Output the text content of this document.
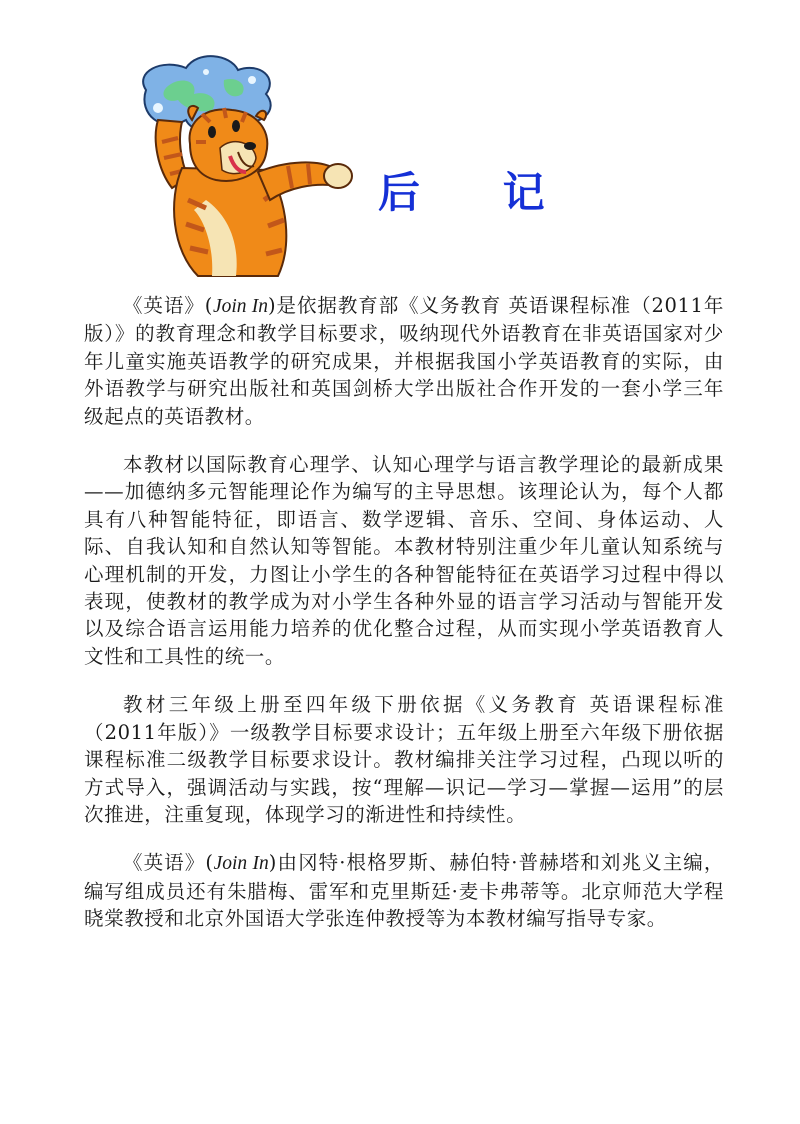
后 记

《英语》(Join In)是依据教育部《义务教育 英语课程标准（2011年版）》的教育理念和教学目标要求，吸纳现代外语教育在非英语国家对少年儿童实施英语教学的研究成果，并根据我国小学英语教育的实际，由外语教学与研究出版社和英国剑桥大学出版社合作开发的一套小学三年级起点的英语教材。

本教材以国际教育心理学、认知心理学与语言教学理论的最新成果——加德纳多元智能理论作为编写的主导思想。该理论认为，每个人都具有八种智能特征，即语言、数学逻辑、音乐、空间、身体运动、人际、自我认知和自然认知等智能。本教材特别注重少年儿童认知系统与心理机制的开发，力图让小学生的各种智能特征在英语学习过程中得以表现，使教材的教学成为对小学生各种外显的语言学习活动与智能开发以及综合语言运用能力培养的优化整合过程，从而实现小学英语教育人文性和工具性的统一。

教材三年级上册至四年级下册依据《义务教育 英语课程标准（2011年版）》一级教学目标要求设计；五年级上册至六年级下册依据课程标准二级教学目标要求设计。教材编排关注学习过程，凸现以听的方式导入，强调活动与实践，按“理解—识记—学习—掌握—运用”的层次推进，注重复现，体现学习的渐进性和持续性。

《英语》(Join In)由冈特·根格罗斯、赫伯特·普赫塔和刘兆义主编，编写组成员还有朱腊梅、雷军和克里斯廷·麦卡弗蒂等。北京师范大学程晓棠教授和北京外国语大学张连仲教授等为本教材编写指导专家。
